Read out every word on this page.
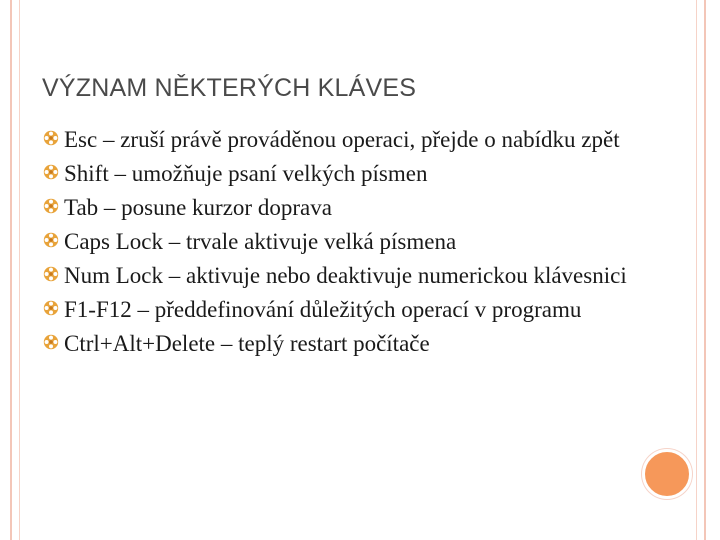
VÝZNAM NĚKTERÝCH KLÁVES
Esc – zruší právě prováděnou operaci, přejde o nabídku zpět
Shift – umožňuje psaní velkých písmen
Tab – posune kurzor doprava
Caps Lock – trvale aktivuje velká písmena
Num Lock – aktivuje nebo deaktivuje numerickou klávesnici
F1-F12 – předdefinování důležitých operací v programu
Ctrl+Alt+Delete – teplý restart počítače
